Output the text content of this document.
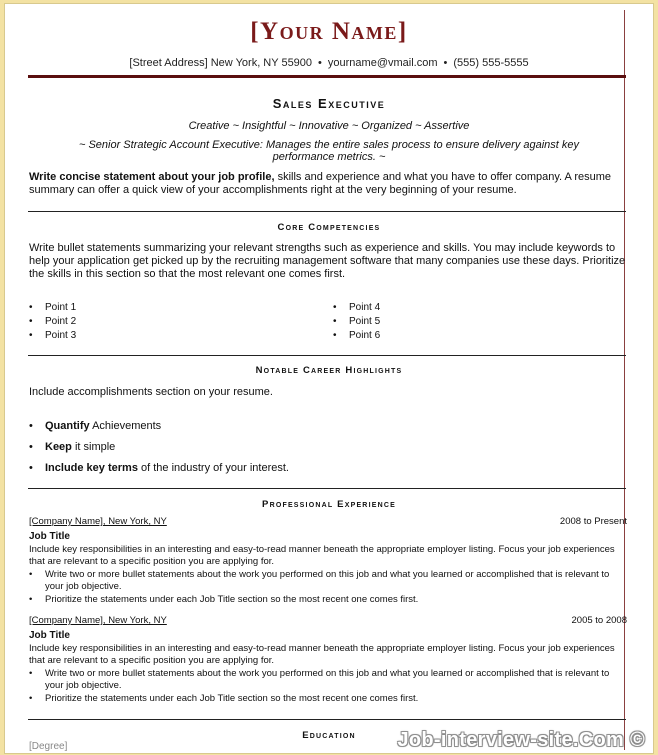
[Your Name]
[Street Address] New York, NY 55900 • yourname@vmail.com • (555) 555-5555
Sales Executive
Creative ~ Insightful ~ Innovative ~ Organized ~ Assertive
~ Senior Strategic Account Executive: Manages the entire sales process to ensure delivery against key performance metrics. ~
Write concise statement about your job profile, skills and experience and what you have to offer company. A resume summary can offer a quick view of your accomplishments right at the very beginning of your resume.
Core Competencies
Write bullet statements summarizing your relevant strengths such as experience and skills. You may include keywords to help your application get picked up by the recruiting management software that many companies use these days. Prioritize the skills in this section so that the most relevant one comes first.
• Point 1
• Point 2
• Point 3
• Point 4
• Point 5
• Point 6
Notable Career Highlights
Include accomplishments section on your resume.
• Quantify Achievements
• Keep it simple
• Include key terms of the industry of your interest.
Professional Experience
[Company Name], New York, NY	2008 to Present
Job Title
Include key responsibilities in an interesting and easy-to-read manner beneath the appropriate employer listing. Focus your job experiences that are relevant to a specific position you are applying for.
• Write two or more bullet statements about the work you performed on this job and what you learned or accomplished that is relevant to your job objective.
• Prioritize the statements under each Job Title section so the most recent one comes first.
[Company Name], New York, NY	2005 to 2008
Job Title
Include key responsibilities in an interesting and easy-to-read manner beneath the appropriate employer listing. Focus your job experiences that are relevant to a specific position you are applying for.
• Write two or more bullet statements about the work you performed on this job and what you learned or accomplished that is relevant to your job objective.
• Prioritize the statements under each Job Title section so the most recent one comes first.
Education
[Degree]	Job-interview-site.Com ©
